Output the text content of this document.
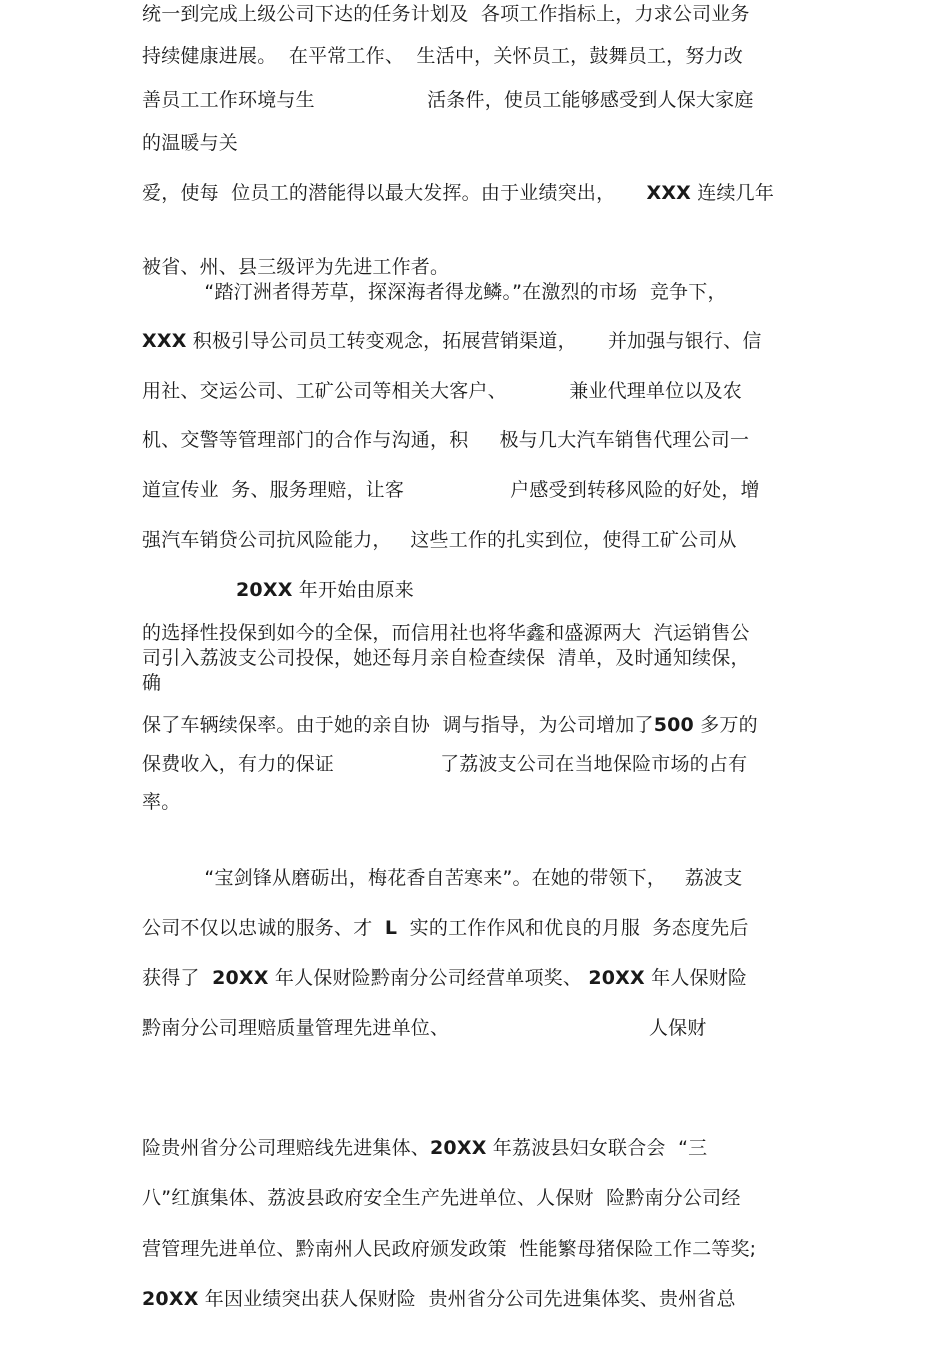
统一到完成上级公司下达的任务计划及  各项工作指标上，力求公司业务
持续健康进展。  在平常工作、  生活中，关怀员工，鼓舞员工，努力改
善员工工作环境与生                  活条件，使员工能够感受到人保大家庭
的温暖与关
爱，使每  位员工的潜能得以最大发挥。由于业绩突出，     XXX 连续几年
被省、州、县三级评为先进工作者。
“踏汀洲者得芳草，探深海者得龙鳞。”在激烈的市场  竞争下，
XXX 积极引导公司员工转变观念，拓展营销渠道，     并加强与银行、信
用社、交运公司、工矿公司等相关大客户、          兼业代理单位以及农
机、交警等管理部门的合作与沟通，积     极与几大汽车销售代理公司一
道宣传业  务、服务理赔，让客                 户感受到转移风险的好处，增
强汽车销贷公司抗风险能力，   这些工作的扎实到位，使得工矿公司从
20XX 年开始由原来
的选择性投保到如今的全保，而信用社也将华鑫和盛源两大  汽运销售公
司引入荔波支公司投保，她还每月亲自检查续保  清单，及时通知续保，
确
保了车辆续保率。由于她的亲自协  调与指导，为公司增加了500 多万的
保费收入，有力的保证                 了荔波支公司在当地保险市场的占有
率。
“宝剑锋从磨砺出，梅花香自苦寒来”。在她的带领下，   荔波支
公司不仅以忠诚的服务、才  L  实的工作作风和优良的月服  务态度先后
获得了  20XX 年人保财险黔南分公司经营单项奖、 20XX 年人保财险
黔南分公司理赔质量管理先进单位、                                人保财
险贵州省分公司理赔线先进集体、20XX 年荔波县妇女联合会  “三
八”红旗集体、荔波县政府安全生产先进单位、人保财  险黔南分公司经
营管理先进单位、黔南州人民政府颁发政策  性能繁母猪保险工作二等奖;
20XX 年因业绩突出获人保财险  贵州省分公司先进集体奖、贵州省总
